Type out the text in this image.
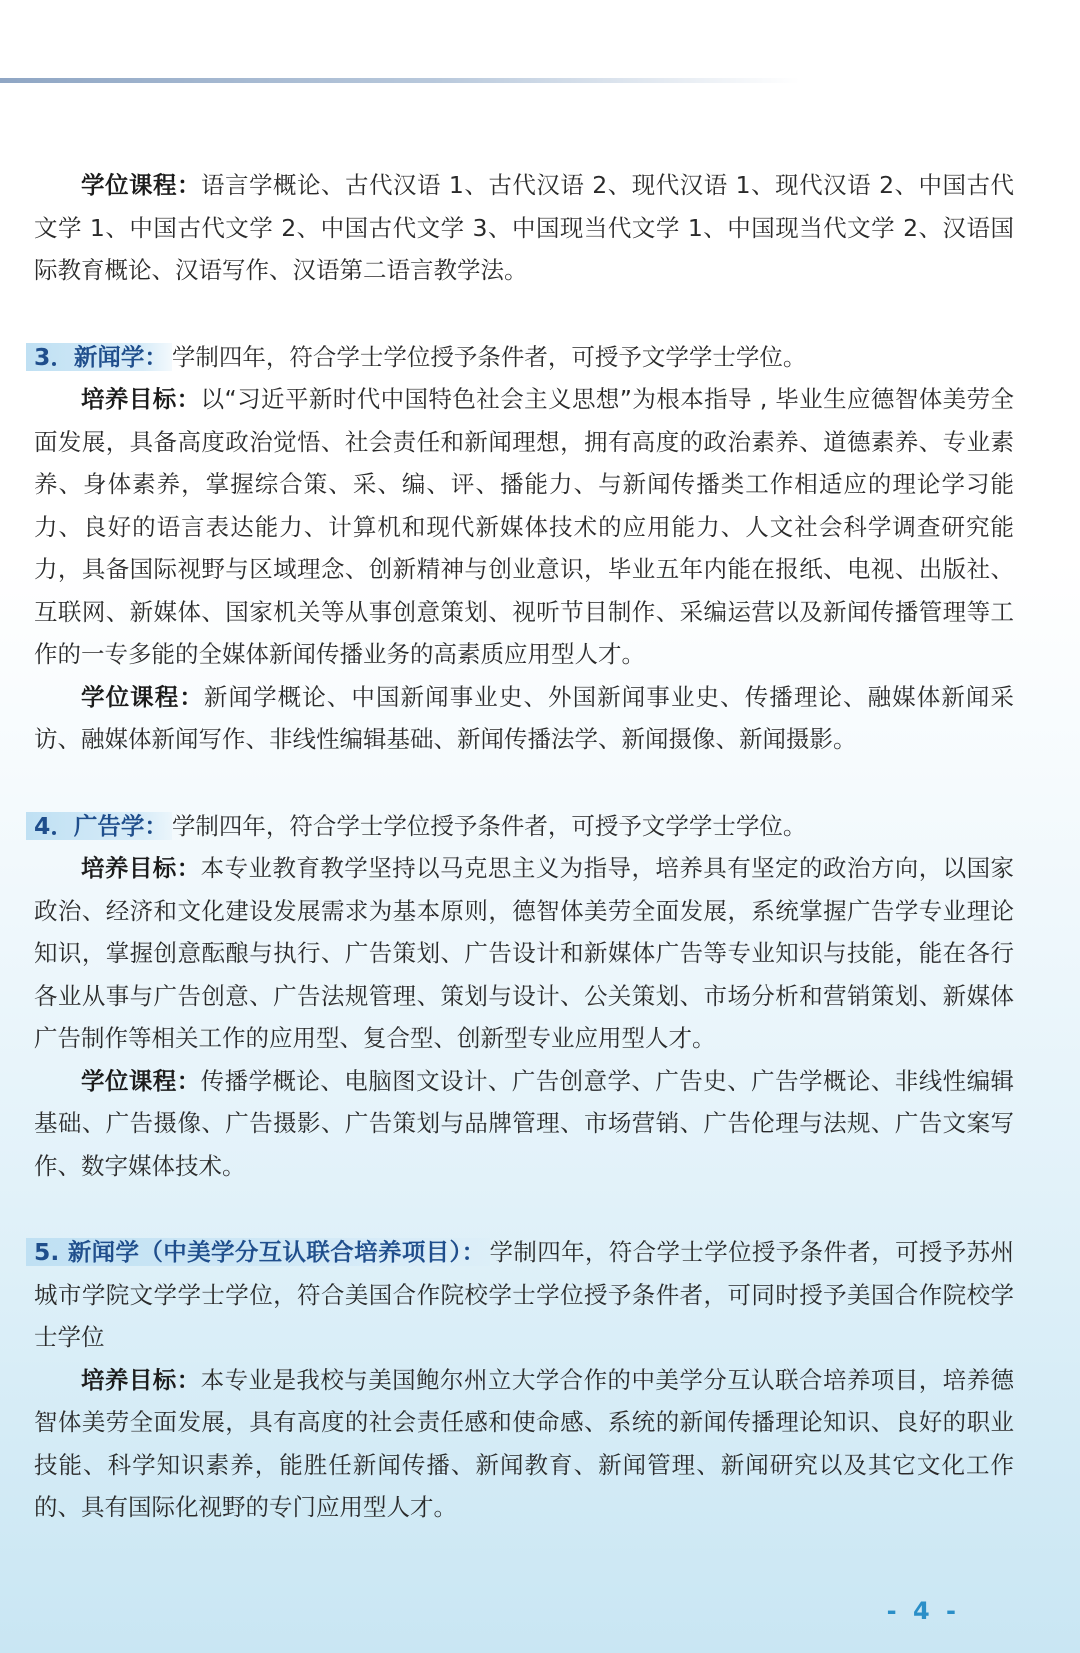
学位课程：语言学概论、古代汉语 1、古代汉语 2、现代汉语 1、现代汉语 2、中国古代文学 1、中国古代文学 2、中国古代文学 3、中国现当代文学 1、中国现当代文学 2、汉语国际教育概论、汉语写作、汉语第二语言教学法。

3．新闻学： 学制四年，符合学士学位授予条件者，可授予文学学士学位。

培养目标：以“习近平新时代中国特色社会主义思想”为根本指导 , 毕业生应德智体美劳全面发展，具备高度政治觉悟、社会责任和新闻理想，拥有高度的政治素养、道德素养、专业素养、身体素养，掌握综合策、采、编、评、播能力、与新闻传播类工作相适应的理论学习能力、良好的语言表达能力、计算机和现代新媒体技术的应用能力、人文社会科学调查研究能力，具备国际视野与区域理念、创新精神与创业意识，毕业五年内能在报纸、电视、出版社、互联网、新媒体、国家机关等从事创意策划、视听节目制作、采编运营以及新闻传播管理等工作的一专多能的全媒体新闻传播业务的高素质应用型人才。

学位课程：新闻学概论、中国新闻事业史、外国新闻事业史、传播理论、融媒体新闻采访、融媒体新闻写作、非线性编辑基础、新闻传播法学、新闻摄像、新闻摄影。

4．广告学： 学制四年，符合学士学位授予条件者，可授予文学学士学位。

培养目标：本专业教育教学坚持以马克思主义为指导，培养具有坚定的政治方向，以国家政治、经济和文化建设发展需求为基本原则，德智体美劳全面发展，系统掌握广告学专业理论知识，掌握创意酝酿与执行、广告策划、广告设计和新媒体广告等专业知识与技能，能在各行各业从事与广告创意、广告法规管理、策划与设计、公关策划、市场分析和营销策划、新媒体广告制作等相关工作的应用型、复合型、创新型专业应用型人才。

学位课程：传播学概论、电脑图文设计、广告创意学、广告史、广告学概论、非线性编辑基础、广告摄像、广告摄影、广告策划与品牌管理、市场营销、广告伦理与法规、广告文案写作、数字媒体技术。

5. 新闻学（中美学分互认联合培养项目）： 学制四年，符合学士学位授予条件者，可授予苏州城市学院文学学士学位，符合美国合作院校学士学位授予条件者，可同时授予美国合作院校学士学位

培养目标：本专业是我校与美国鲍尔州立大学合作的中美学分互认联合培养项目，培养德智体美劳全面发展，具有高度的社会责任感和使命感、系统的新闻传播理论知识、良好的职业技能、科学知识素养，能胜任新闻传播、新闻教育、新闻管理、新闻研究以及其它文化工作的、具有国际化视野的专门应用型人才。

- 4 -
